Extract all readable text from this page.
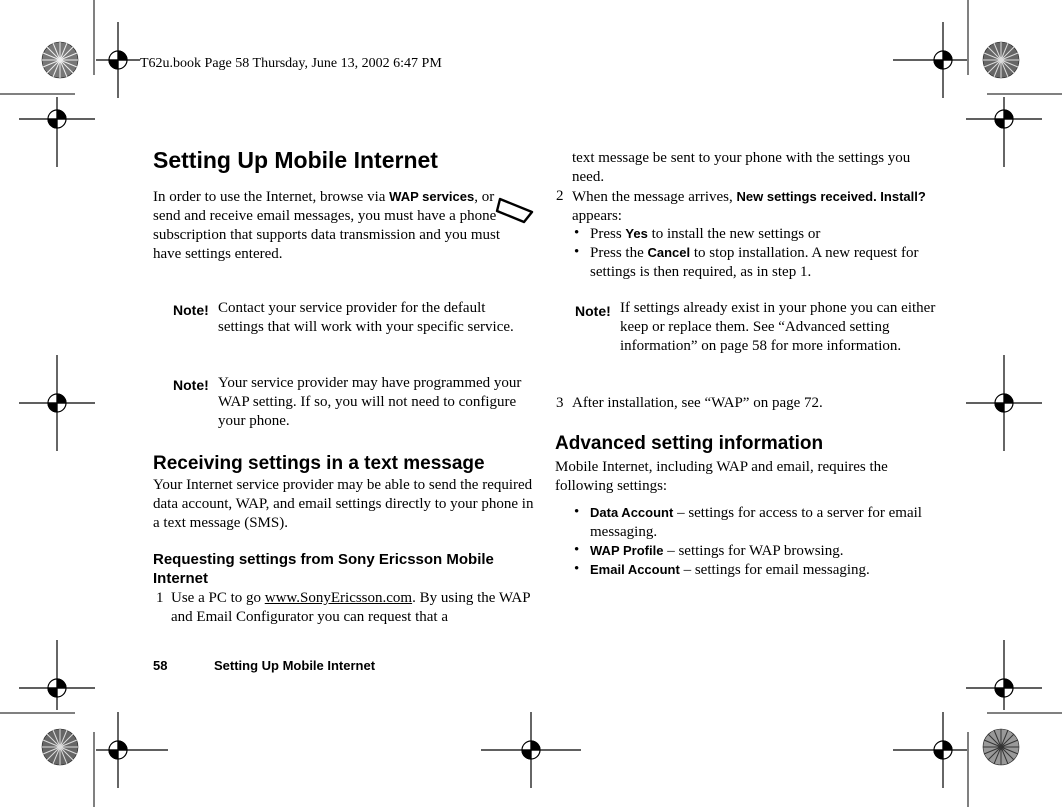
T62u.book Page 58 Thursday, June 13, 2002 6:47 PM
Setting Up Mobile Internet

In order to use the Internet, browse via WAP services, or send and receive email messages, you must have a phone subscription that supports data transmission and you must have settings entered.

Note! Contact your service provider for the default settings that will work with your specific service.

Note! Your service provider may have programmed your WAP setting. If so, you will not need to configure your phone.

Receiving settings in a text message

Your Internet service provider may be able to send the required data account, WAP, and email settings directly to your phone in a text message (SMS).

Requesting settings from Sony Ericsson Mobile Internet
1 Use a PC to go www.SonyEricsson.com. By using the WAP and Email Configurator you can request that a

text message be sent to your phone with the settings you need.

2 When the message arrives, New settings received. Install? appears:

• Press Yes to install the new settings or

• Press the Cancel to stop installation. A new request for settings is then required, as in step 1.

Note! If settings already exist in your phone you can either keep or replace them. See “Advanced setting information” on page 58 for more information.

3 After installation, see “WAP” on page 72.

Advanced setting information

Mobile Internet, including WAP and email, requires the following settings:

• Data Account – settings for access to a server for email messaging.

• WAP Profile – settings for WAP browsing.

• Email Account – settings for email messaging.

58	Setting Up Mobile Internet
